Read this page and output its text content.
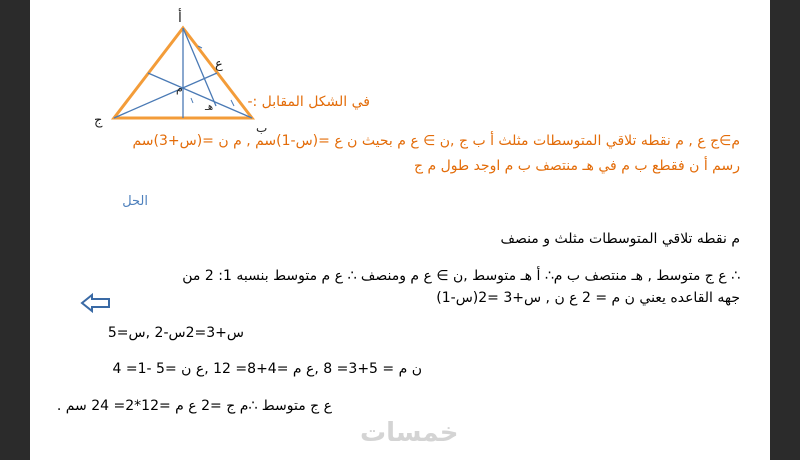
أ
ب
ج
ع
م
هـ في الشكل المقابل :-
م∋ج ع , م نقطه تلاقي المتوسطات مثلث أ ب ج ,ن ∋ ع م بحيث ن ع =(س-1)سم , م ن =(س+3)سم
رسم أ ن فقطع ب م في هـ منتصف ب م اوجد طول م ج
الحل
م نقطه تلاقي المتوسطات مثلث و منصف
∴ ع ج متوسط , هـ منتصف ب م∴ أ هـ متوسط ,ن ∋ ع م ومنصف ∴ ع م متوسط بنسبه 1: 2 من
جهه القاعده يعني ن م = 2 ع ن , س+3 =2(س-1)
س+3=2س-2 ,س=5
ن م = 5+3= 8 ,ع م =4+8= 12 ,ع ن =5 -1= 4
ع ج متوسط ∴م ج =2 ع م =12*2= 24 سم .
خمسات
